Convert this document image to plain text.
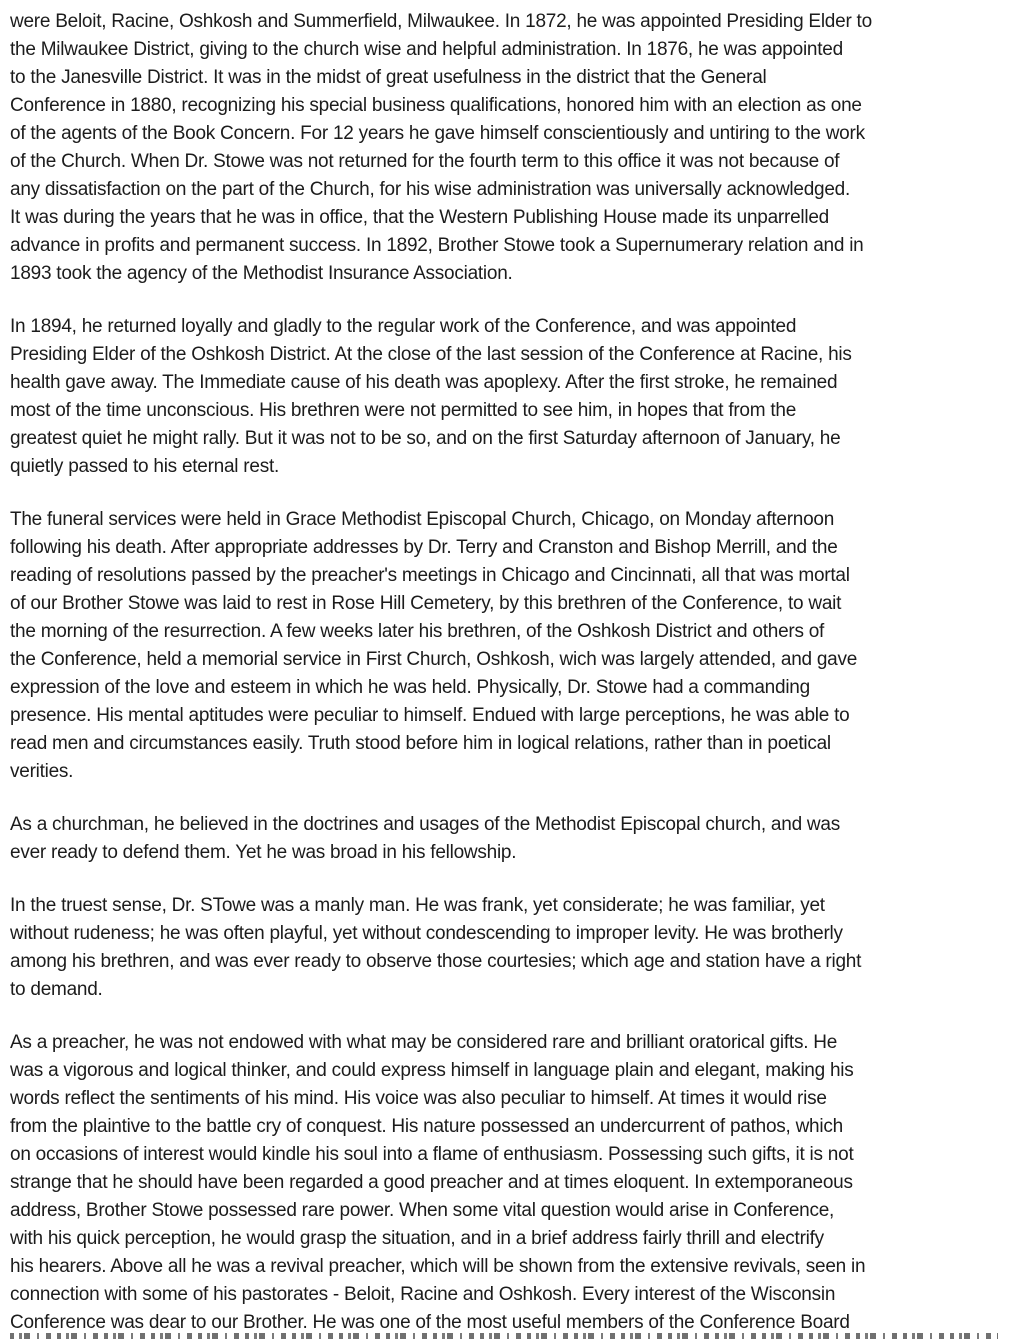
were Beloit, Racine, Oshkosh and Summerfield, Milwaukee. In 1872, he was appointed Presiding Elder to
the Milwaukee District, giving to the church wise and helpful administration. In 1876, he was appointed
to the Janesville District. It was in the midst of great usefulness in the district that the General
Conference in 1880, recognizing his special business qualifications, honored him with an election as one
of the agents of the Book Concern. For 12 years he gave himself conscientiously and untiring to the work
of the Church. When Dr. Stowe was not returned for the fourth term to this office it was not because of
any dissatisfaction on the part of the Church, for his wise administration was universally acknowledged.
It was during the years that he was in office, that the Western Publishing House made its unparrelled
advance in profits and permanent success. In 1892, Brother Stowe took a Supernumerary relation and in
1893 took the agency of the Methodist Insurance Association.
In 1894, he returned loyally and gladly to the regular work of the Conference, and was appointed
Presiding Elder of the Oshkosh District. At the close of the last session of the Conference at Racine, his
health gave away. The Immediate cause of his death was apoplexy. After the first stroke, he remained
most of the time unconscious. His brethren were not permitted to see him, in hopes that from the
greatest quiet he might rally. But it was not to be so, and on the first Saturday afternoon of January, he
quietly passed to his eternal rest.
The funeral services were held in Grace Methodist Episcopal Church, Chicago, on Monday afternoon
following his death. After appropriate addresses by Dr. Terry and Cranston and Bishop Merrill, and the
reading of resolutions passed by the preacher's meetings in Chicago and Cincinnati, all that was mortal
of our Brother Stowe was laid to rest in Rose Hill Cemetery, by this brethren of the Conference, to wait
the morning of the resurrection. A few weeks later his brethren, of the Oshkosh District and others of
the Conference, held a memorial service in First Church, Oshkosh, wich was largely attended, and gave
expression of the love and esteem in which he was held. Physically, Dr. Stowe had a commanding
presence. His mental aptitudes were peculiar to himself. Endued with large perceptions, he was able to
read men and circumstances easily. Truth stood before him in logical relations, rather than in poetical
verities.
As a churchman, he believed in the doctrines and usages of the Methodist Episcopal church, and was
ever ready to defend them. Yet he was broad in his fellowship.
In the truest sense, Dr. STowe was a manly man. He was frank, yet considerate; he was familiar, yet
without rudeness; he was often playful, yet without condescending to improper levity. He was brotherly
among his brethren, and was ever ready to observe those courtesies; which age and station have a right
to demand.
As a preacher, he was not endowed with what may be considered rare and brilliant oratorical gifts. He
was a vigorous and logical thinker, and could express himself in language plain and elegant, making his
words reflect the sentiments of his mind. His voice was also peculiar to himself. At times it would rise
from the plaintive to the battle cry of conquest. His nature possessed an undercurrent of pathos, which
on occasions of interest would kindle his soul into a flame of enthusiasm. Possessing such gifts, it is not
strange that he should have been regarded a good preacher and at times eloquent. In extemporaneous
address, Brother Stowe possessed rare power. When some vital question would arise in Conference,
with his quick perception, he would grasp the situation, and in a brief address fairly thrill and electrify
his hearers. Above all he was a revival preacher, which will be shown from the extensive revivals, seen in
connection with some of his pastorates - Beloit, Racine and Oshkosh. Every interest of the Wisconsin
Conference was dear to our Brother. He was one of the most useful members of the Conference Board
